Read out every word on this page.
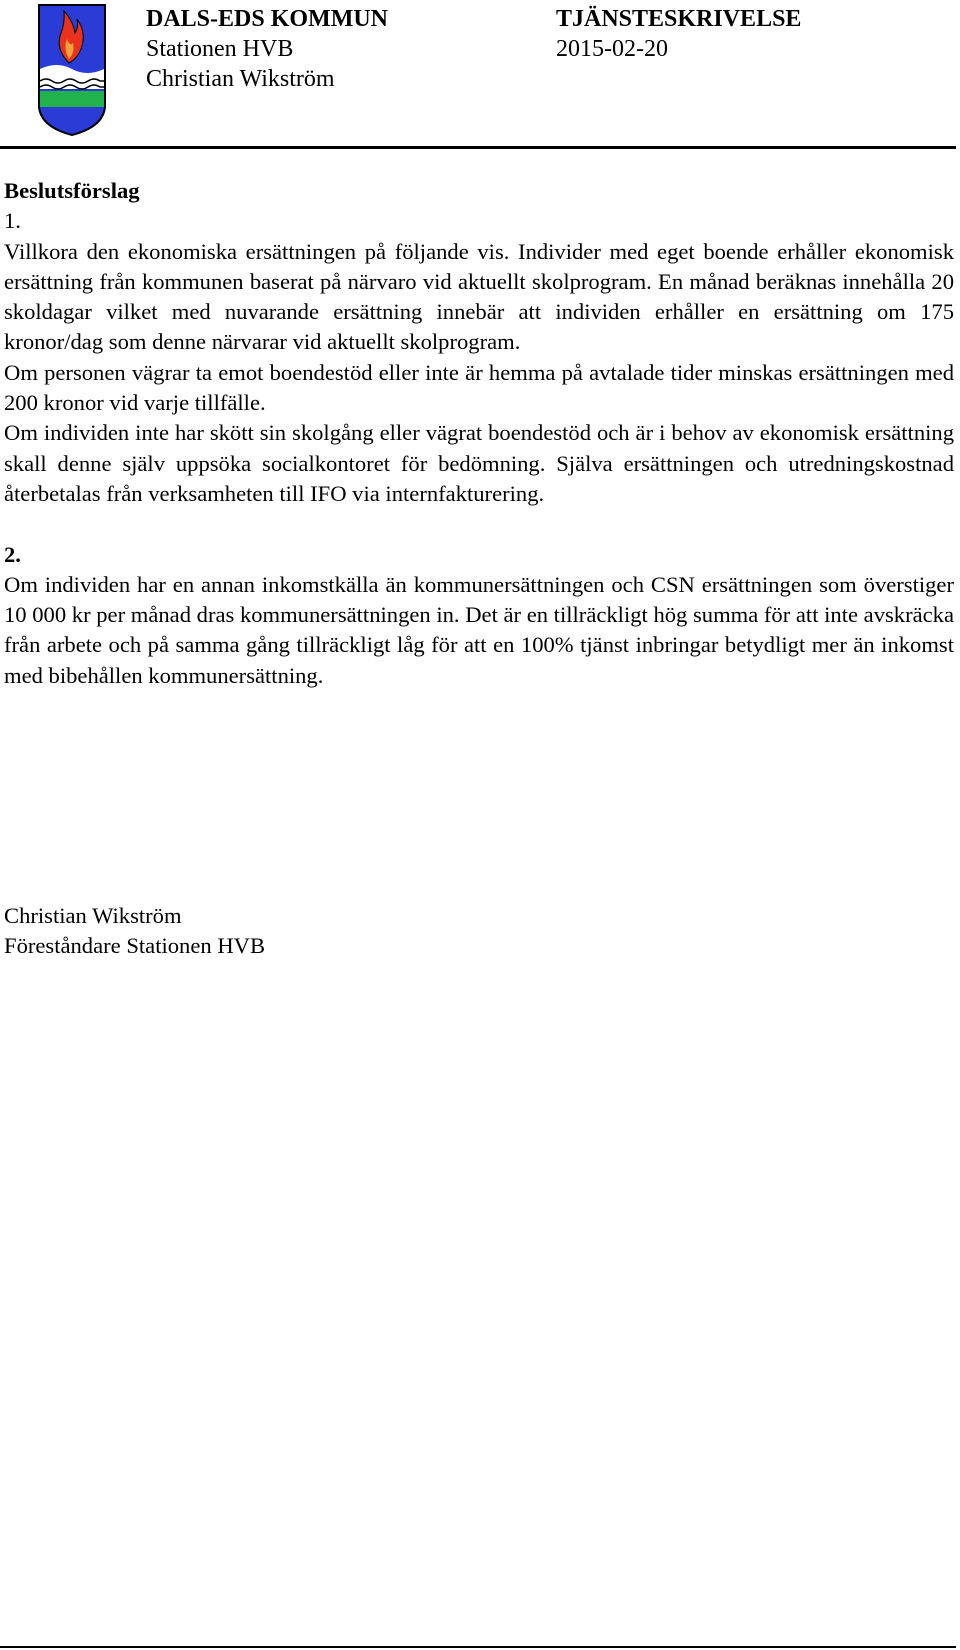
DALS-EDS KOMMUN
Stationen HVB
Christian Wikström
TJÄNSTESKRIVELSE
2015-02-20

Beslutsförslag

1.

Villkora den ekonomiska ersättningen på följande vis. Individer med eget boende erhåller ekonomisk ersättning från kommunen baserat på närvaro vid aktuellt skolprogram. En månad beräknas innehålla 20 skoldagar vilket med nuvarande ersättning innebär att individen erhåller en ersättning om 175 kronor/dag som denne närvarar vid aktuellt skolprogram.

Om personen vägrar ta emot boendestöd eller inte är hemma på avtalade tider minskas ersättningen med 200 kronor vid varje tillfälle.

Om individen inte har skött sin skolgång eller vägrat boendestöd och är i behov av ekonomisk ersättning skall denne själv uppsöka socialkontoret för bedömning. Själva ersättningen och utredningskostnad återbetalas från verksamheten till IFO via internfakturering.

2.

Om individen har en annan inkomstkälla än kommunersättningen och CSN ersättningen som överstiger 10 000 kr per månad dras kommunersättningen in. Det är en tillräckligt hög summa för att inte avskräcka från arbete och på samma gång tillräckligt låg för att en 100% tjänst inbringar betydligt mer än inkomst med bibehållen kommunersättning.

Christian Wikström
Föreståndare Stationen HVB
